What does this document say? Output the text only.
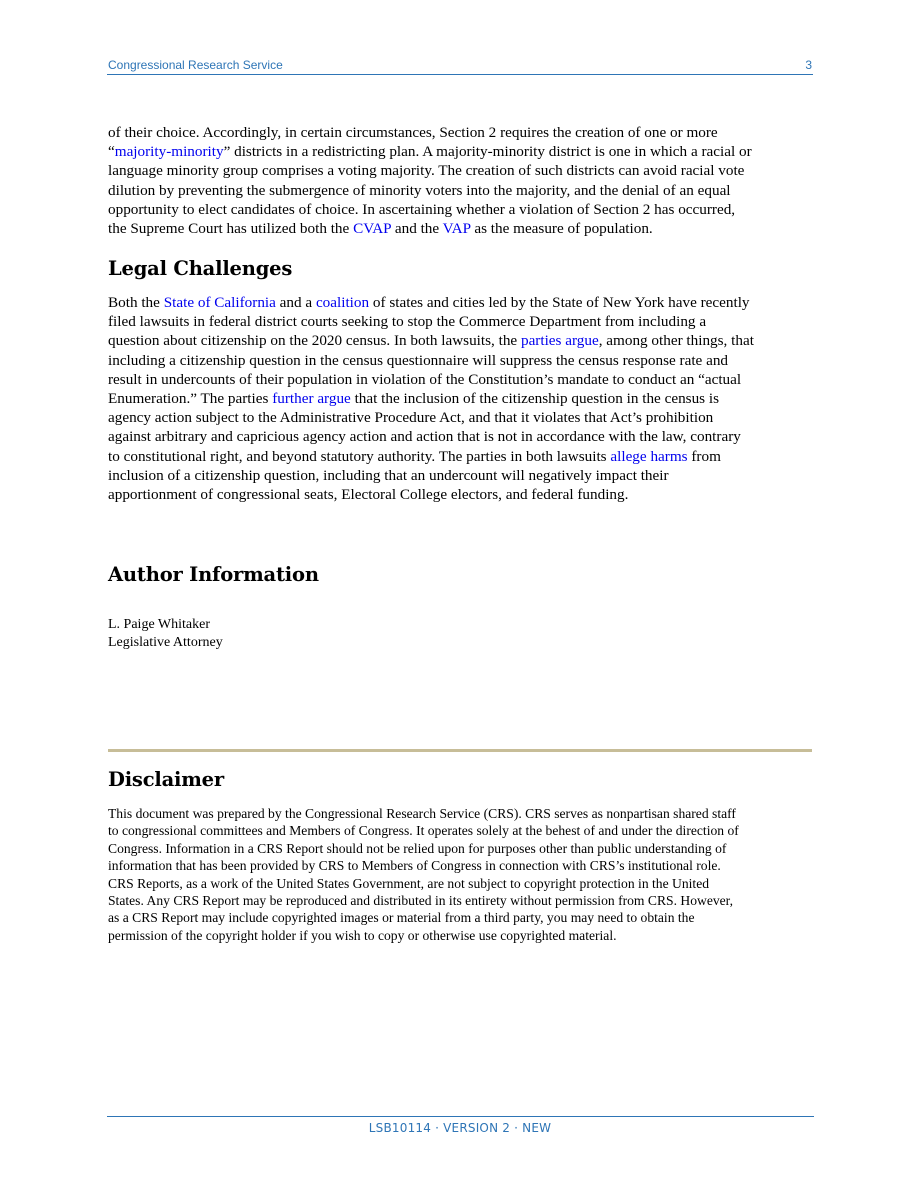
Congressional Research Service	3

of their choice. Accordingly, in certain circumstances, Section 2 requires the creation of one or more
“majority-minority” districts in a redistricting plan. A majority-minority district is one in which a racial or
language minority group comprises a voting majority. The creation of such districts can avoid racial vote
dilution by preventing the submergence of minority voters into the majority, and the denial of an equal
opportunity to elect candidates of choice. In ascertaining whether a violation of Section 2 has occurred,
the Supreme Court has utilized both the CVAP and the VAP as the measure of population.

Legal Challenges

Both the State of California and a coalition of states and cities led by the State of New York have recently
filed lawsuits in federal district courts seeking to stop the Commerce Department from including a
question about citizenship on the 2020 census. In both lawsuits, the parties argue, among other things, that
including a citizenship question in the census questionnaire will suppress the census response rate and
result in undercounts of their population in violation of the Constitution’s mandate to conduct an “actual
Enumeration.” The parties further argue that the inclusion of the citizenship question in the census is
agency action subject to the Administrative Procedure Act, and that it violates that Act’s prohibition
against arbitrary and capricious agency action and action that is not in accordance with the law, contrary
to constitutional right, and beyond statutory authority. The parties in both lawsuits allege harms from
inclusion of a citizenship question, including that an undercount will negatively impact their
apportionment of congressional seats, Electoral College electors, and federal funding.

Author Information
L. Paige Whitaker
Legislative Attorney
Disclaimer

This document was prepared by the Congressional Research Service (CRS). CRS serves as nonpartisan shared staff
to congressional committees and Members of Congress. It operates solely at the behest of and under the direction of
Congress. Information in a CRS Report should not be relied upon for purposes other than public understanding of
information that has been provided by CRS to Members of Congress in connection with CRS’s institutional role.
CRS Reports, as a work of the United States Government, are not subject to copyright protection in the United
States. Any CRS Report may be reproduced and distributed in its entirety without permission from CRS. However,
as a CRS Report may include copyrighted images or material from a third party, you may need to obtain the
permission of the copyright holder if you wish to copy or otherwise use copyrighted material.

LSB10114 · VERSION 2 · NEW
